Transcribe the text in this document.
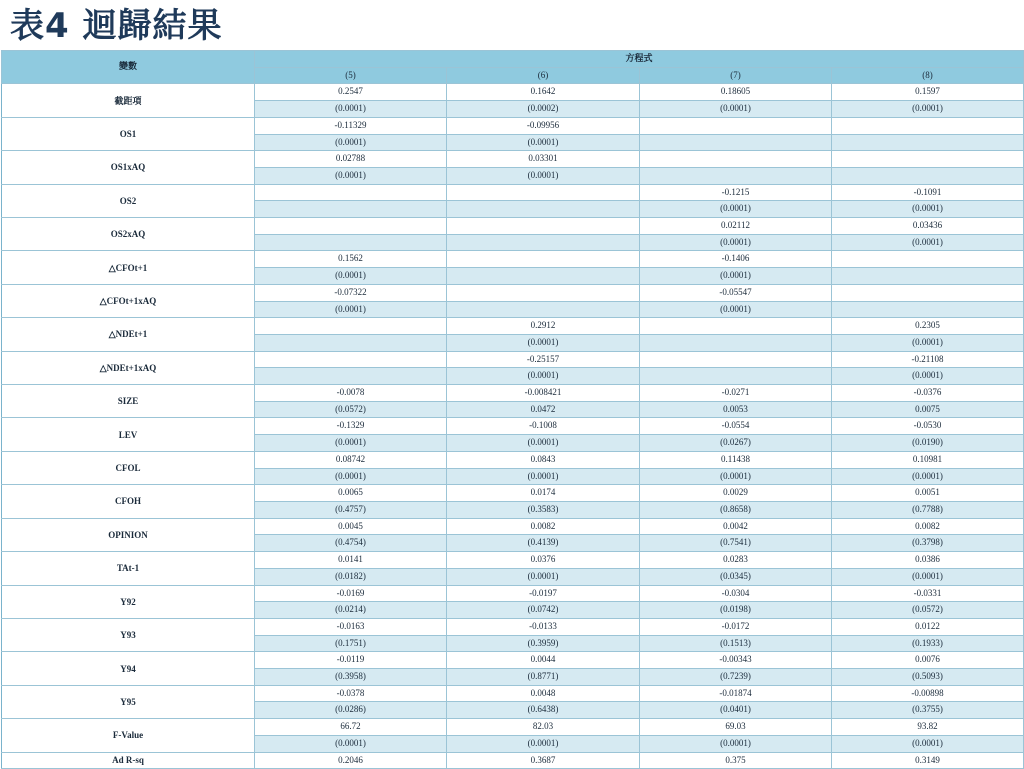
表4 迴歸結果
變數	方程式			
	(5)	(6)	(7)	(8)
截距項	0.2547	0.1642	0.18605	0.1597
	(0.0001)	(0.0002)	(0.0001)	(0.0001)
OS1	-0.11329	-0.09956		
	(0.0001)	(0.0001)		
OS1xAQ	0.02788	0.03301		
	(0.0001)	(0.0001)		
OS2			-0.1215	-0.1091
			(0.0001)	(0.0001)
OS2xAQ			0.02112	0.03436
			(0.0001)	(0.0001)
△CFOt+1	0.1562		-0.1406	
	(0.0001)		(0.0001)	
△CFOt+1xAQ	-0.07322		-0.05547	
	(0.0001)		(0.0001)	
△NDEt+1		0.2912		0.2305
		(0.0001)		(0.0001)
△NDEt+1xAQ		-0.25157		-0.21108
		(0.0001)		(0.0001)
SIZE	-0.0078	-0.008421	-0.0271	-0.0376
	(0.0572)	0.0472	0.0053	0.0075
LEV	-0.1329	-0.1008	-0.0554	-0.0530
	(0.0001)	(0.0001)	(0.0267)	(0.0190)
CFOL	0.08742	0.0843	0.11438	0.10981
	(0.0001)	(0.0001)	(0.0001)	(0.0001)
CFOH	0.0065	0.0174	0.0029	0.0051
	(0.4757)	(0.3583)	(0.8658)	(0.7788)
OPINION	0.0045	0.0082	0.0042	0.0082
	(0.4754)	(0.4139)	(0.7541)	(0.3798)
TAt-1	0.0141	0.0376	0.0283	0.0386
	(0.0182)	(0.0001)	(0.0345)	(0.0001)
Y92	-0.0169	-0.0197	-0.0304	-0.0331
	(0.0214)	(0.0742)	(0.0198)	(0.0572)
Y93	-0.0163	-0.0133	-0.0172	0.0122
	(0.1751)	(0.3959)	(0.1513)	(0.1933)
Y94	-0.0119	0.0044	-0.00343	0.0076
	(0.3958)	(0.8771)	(0.7239)	(0.5093)
Y95	-0.0378	0.0048	-0.01874	-0.00898
	(0.0286)	(0.6438)	(0.0401)	(0.3755)
F-Value	66.72	82.03	69.03	93.82
	(0.0001)	(0.0001)	(0.0001)	(0.0001)
Ad R-sq	0.2046	0.3687	0.375	0.3149
